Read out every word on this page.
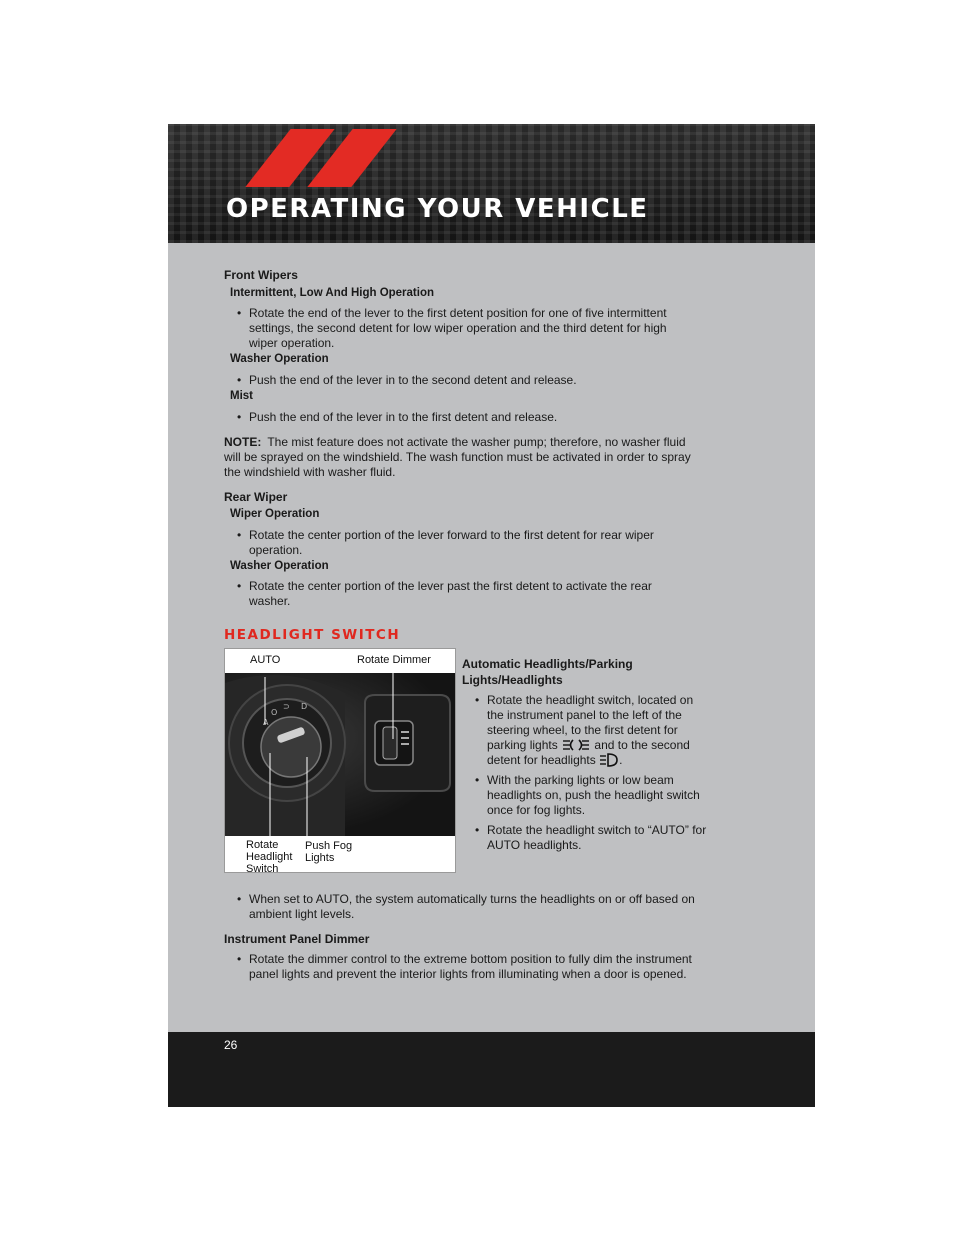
OPERATING YOUR VEHICLE

Front Wipers

Intermittent, Low And High Operation

• Rotate the end of the lever to the first detent position for one of five intermittent settings, the second detent for low wiper operation and the third detent for high wiper operation.

Washer Operation

• Push the end of the lever in to the second detent and release.

Mist

• Push the end of the lever in to the first detent and release.

NOTE: The mist feature does not activate the washer pump; therefore, no washer fluid will be sprayed on the windshield. The wash function must be activated in order to spray the windshield with washer fluid.

Rear Wiper

Wiper Operation

• Rotate the center portion of the lever forward to the first detent for rear wiper operation.

Washer Operation

• Rotate the center portion of the lever past the first detent to activate the rear washer.
HEADLIGHT SWITCH
AUTO	Rotate Dimmer
A
O
⊃ D
Rotate Headlight Switch
Push Fog Lights

Automatic Headlights/Parking Lights/Headlights

• Rotate the headlight switch, located on the instrument panel to the left of the steering wheel, to the first detent for parking lights	and to the second detent for headlights .
• With the parking lights or low beam headlights on, push the headlight switch once for fog lights.
• Rotate the headlight switch to “AUTO” for AUTO headlights.
• When set to AUTO, the system automatically turns the headlights on or off based on ambient light levels.

Instrument Panel Dimmer

• Rotate the dimmer control to the extreme bottom position to fully dim the instrument panel lights and prevent the interior lights from illuminating when a door is opened.
26
